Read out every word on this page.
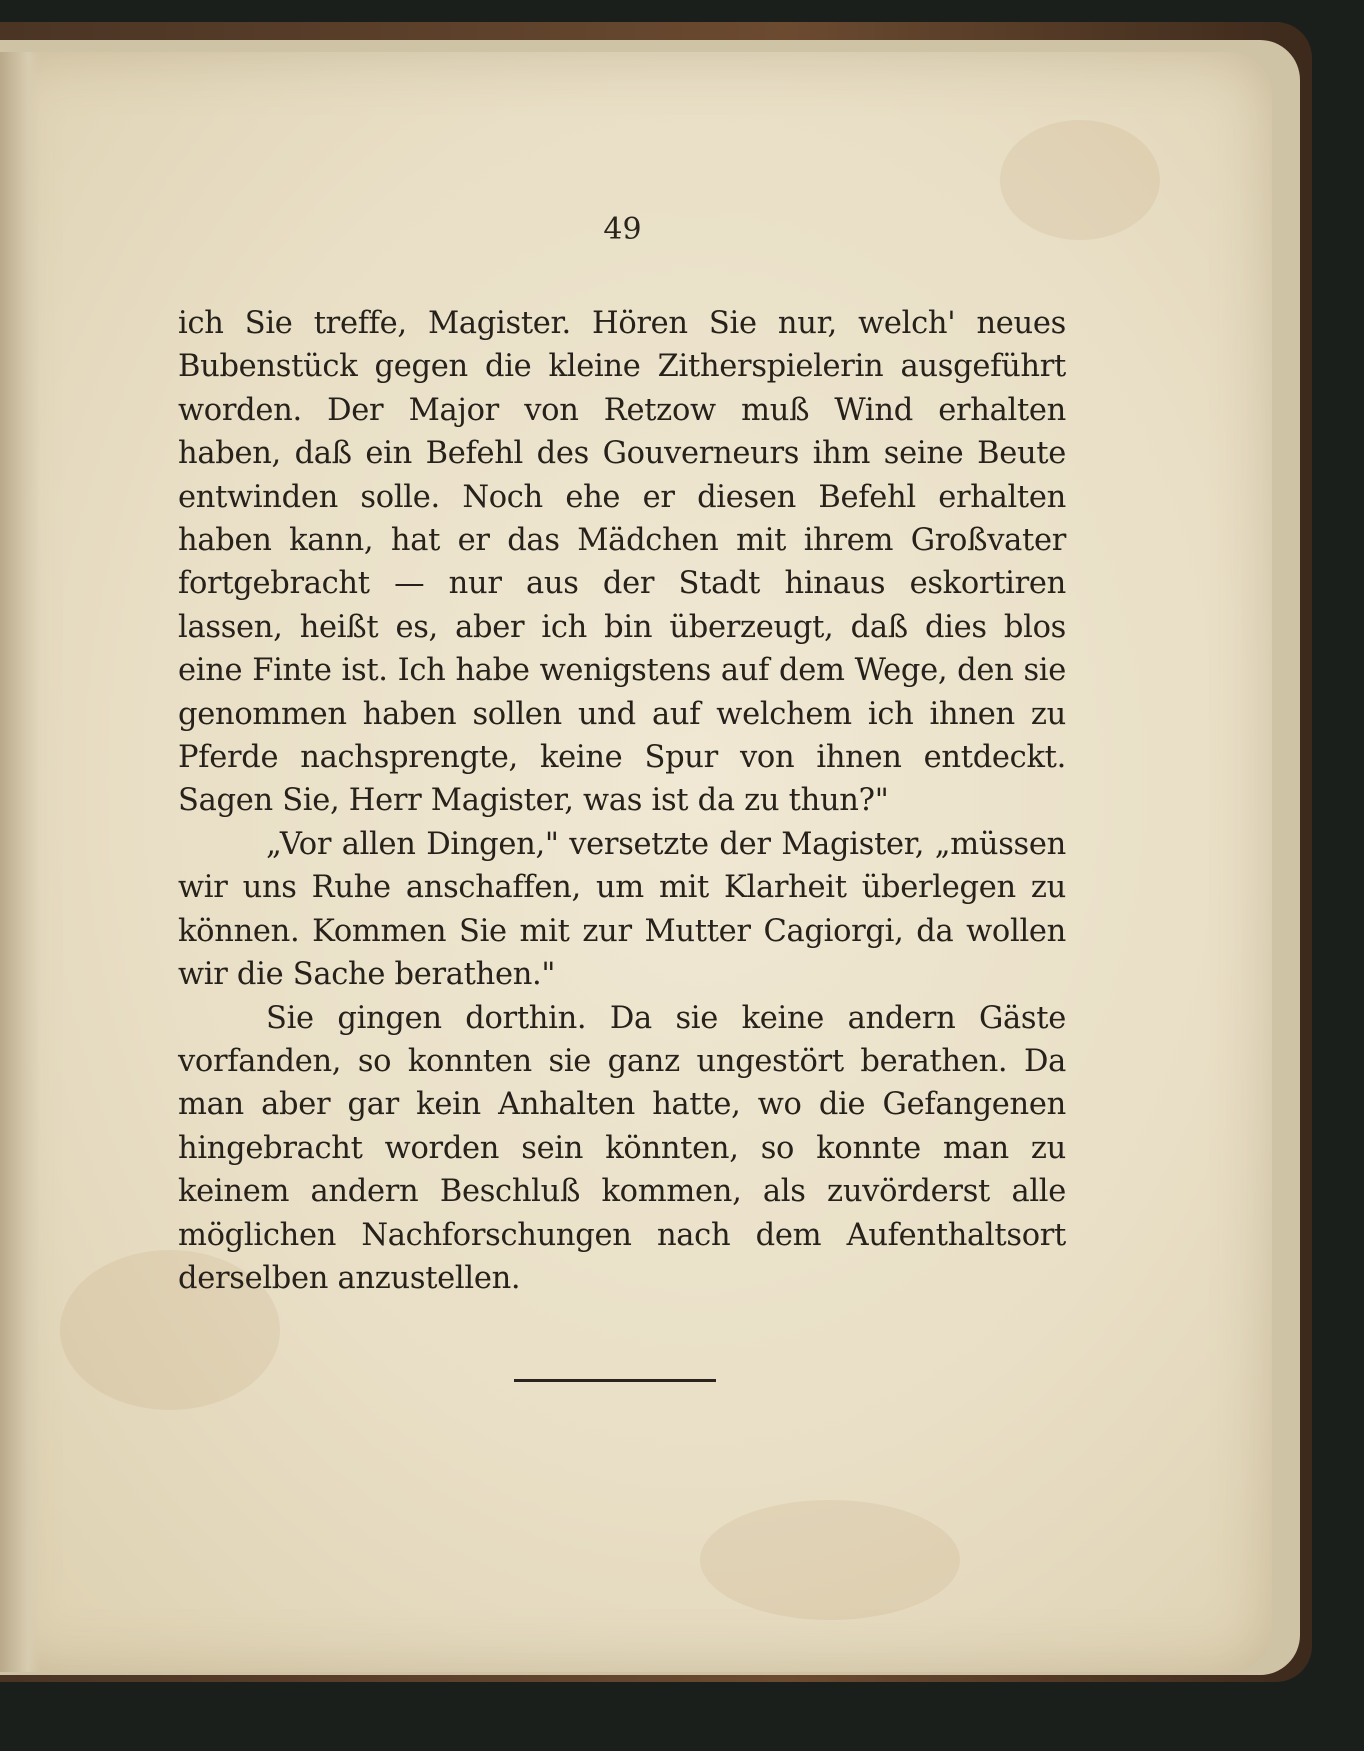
49

ich Sie treffe, Magister. Hören Sie nur, welch' neues Bubenstück gegen die kleine Zitherspielerin ausgeführt worden. Der Major von Retzow muß Wind erhalten haben, daß ein Befehl des Gouverneurs ihm seine Beute entwinden solle. Noch ehe er diesen Befehl erhalten haben kann, hat er das Mädchen mit ihrem Großvater fortgebracht — nur aus der Stadt hinaus eskortiren lassen, heißt es, aber ich bin überzeugt, daß dies blos eine Finte ist. Ich habe wenigstens auf dem Wege, den sie genommen haben sollen und auf welchem ich ihnen zu Pferde nachsprengte, keine Spur von ihnen entdeckt. Sagen Sie, Herr Magister, was ist da zu thun?"

„Vor allen Dingen," versetzte der Magister, „müssen wir uns Ruhe anschaffen, um mit Klarheit überlegen zu können. Kommen Sie mit zur Mutter Cagiorgi, da wollen wir die Sache berathen."

Sie gingen dorthin. Da sie keine andern Gäste vorfanden, so konnten sie ganz ungestört berathen. Da man aber gar kein Anhalten hatte, wo die Gefangenen hingebracht worden sein könnten, so konnte man zu keinem andern Beschluß kommen, als zuvörderst alle möglichen Nachforschungen nach dem Aufenthaltsort derselben anzustellen.
